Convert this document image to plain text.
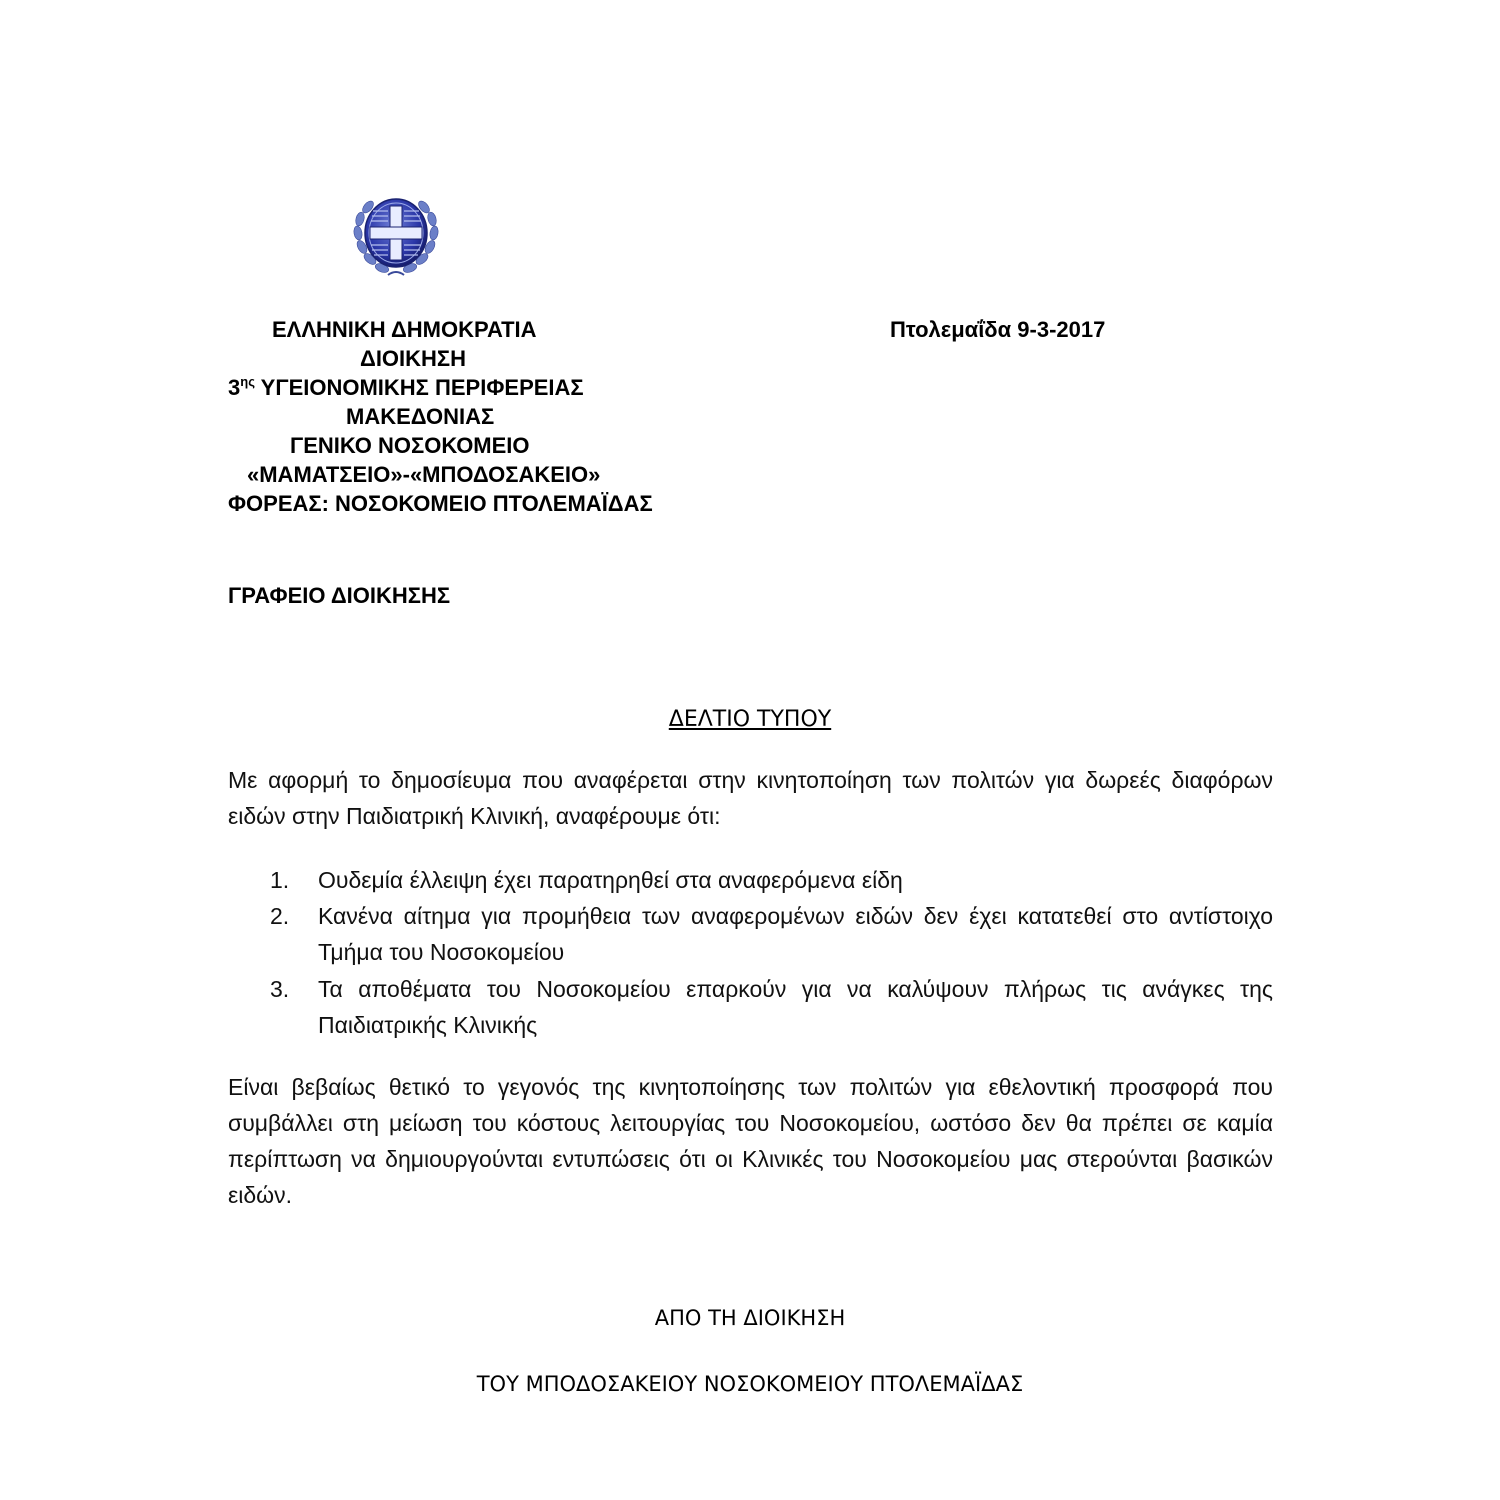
ΕΛΛΗΝΙΚΗ ΔΗΜΟΚΡΑΤΙΑ
ΔΙΟΙΚΗΣΗ
$3^{\eta\varsigma}$ ΥΓΕΙΟΝΟΜΙΚΗΣ ΠΕΡΙΦΕΡΕΙΑΣ
ΜΑΚΕΔΟΝΙΑΣ
ΓΕΝΙΚΟ ΝΟΣΟΚΟΜΕΙΟ
«ΜΑΜΑΤΣΕΙΟ»-«ΜΠΟΔΟΣΑΚΕΙΟ»
ΦΟΡΕΑΣ: ΝΟΣΟΚΟΜΕΙΟ ΠΤΟΛΕΜΑΪΔΑΣ
Πτολεμαΐδα 9-3-2017
ΓΡΑΦΕΙΟ ΔΙΟΙΚΗΣΗΣ
ΔΕΛΤΙΟ ΤΥΠΟΥ
Με αφορμή το δημοσίευμα που αναφέρεται στην κινητοποίηση των πολιτών για δωρεές διαφόρων
ειδών στην Παιδιατρική Κλινική, αναφέρουμε ότι:
1. Ουδεμία έλλειψη έχει παρατηρηθεί στα αναφερόμενα είδη
2. Κανένα αίτημα για προμήθεια των αναφερομένων ειδών δεν έχει κατατεθεί στο αντίστοιχο
Τμήμα του Νοσοκομείου
3. Τα αποθέματα του Νοσοκομείου επαρκούν για να καλύψουν πλήρως τις ανάγκες της
Παιδιατρικής Κλινικής
Είναι βεβαίως θετικό το γεγονός της κινητοποίησης των πολιτών για εθελοντική προσφορά που
συμβάλλει στη μείωση του κόστους λειτουργίας του Νοσοκομείου, ωστόσο δεν θα πρέπει σε καμία
περίπτωση να δημιουργούνται εντυπώσεις ότι οι Κλινικές του Νοσοκομείου μας στερούνται βασικών
ειδών.
ΑΠΟ ΤΗ ΔΙΟΙΚΗΣΗ
ΤΟΥ ΜΠΟΔΟΣΑΚΕΙΟΥ ΝΟΣΟΚΟΜΕΙΟΥ ΠΤΟΛΕΜΑΪΔΑΣ
